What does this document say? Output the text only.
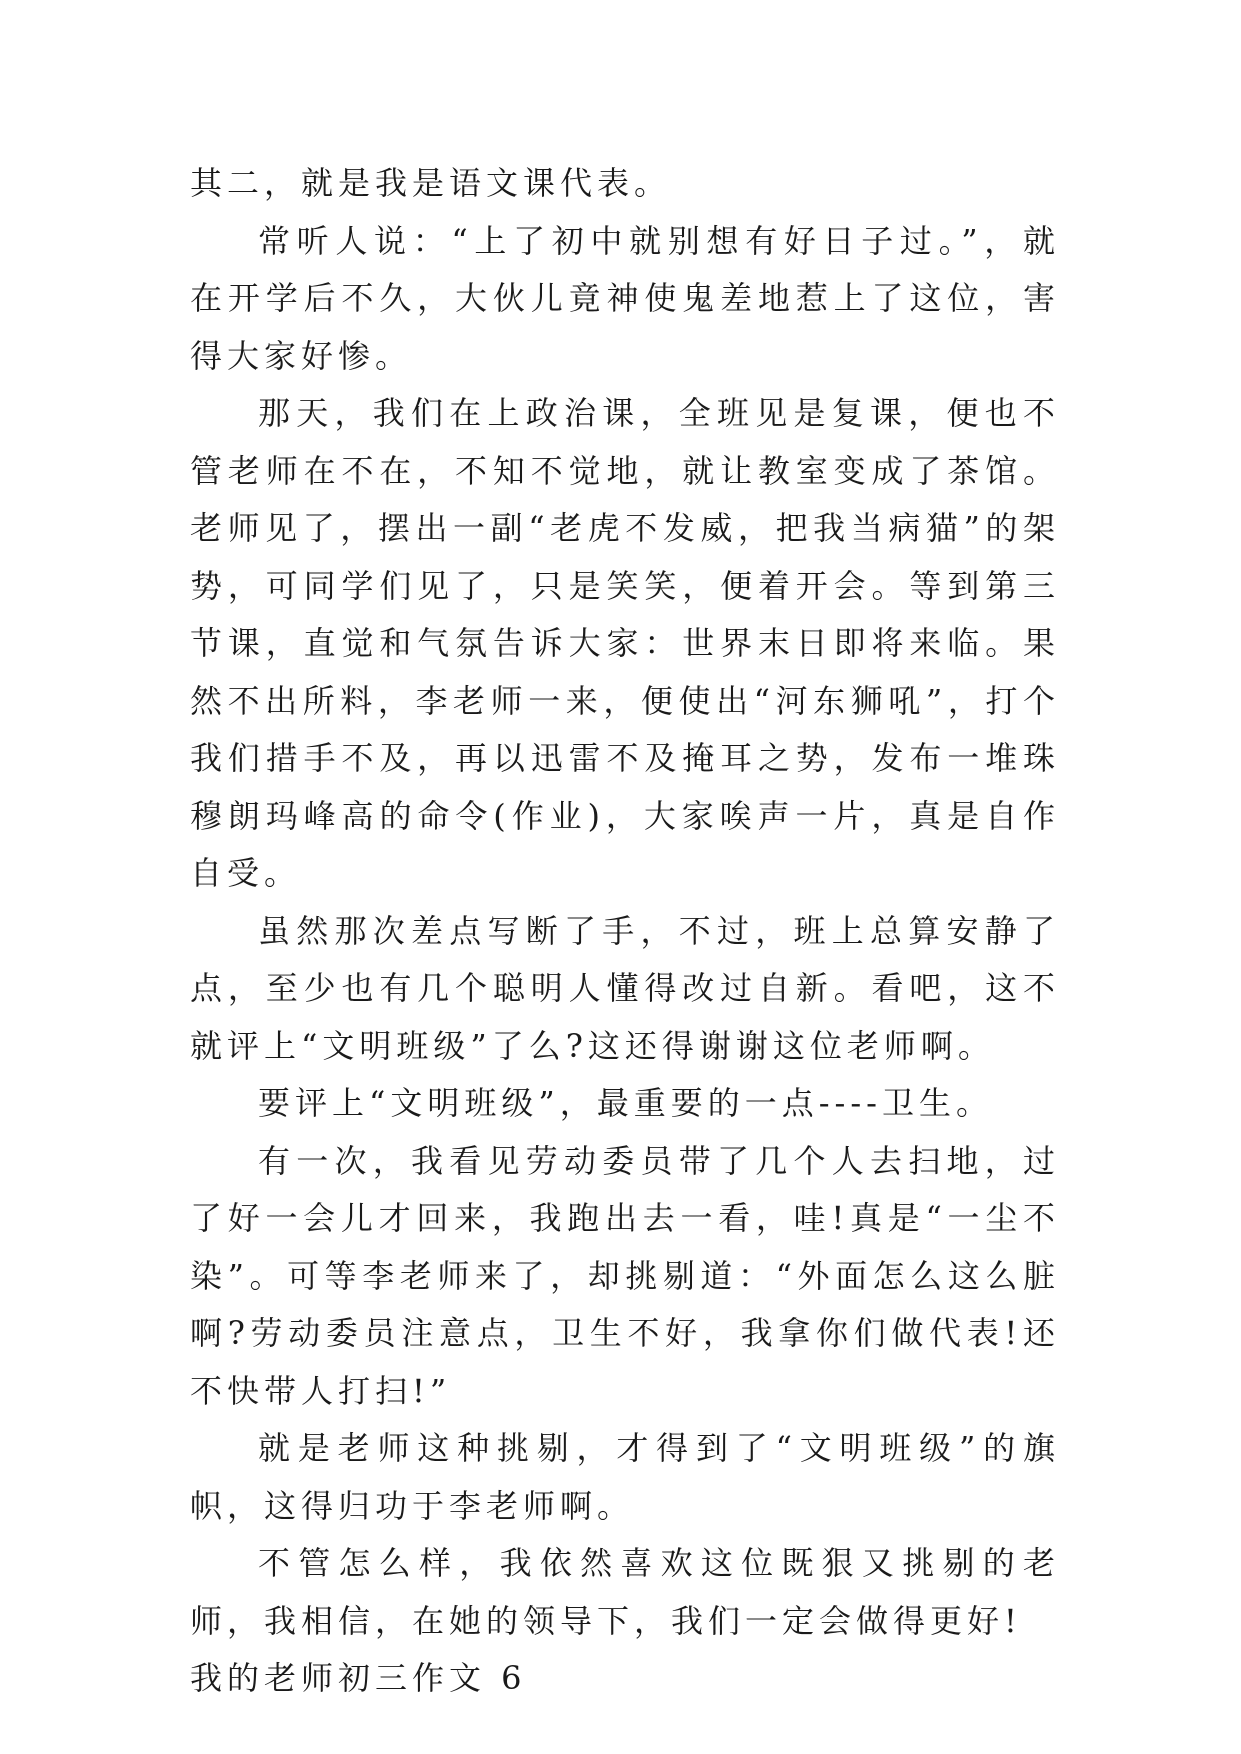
其二，就是我是语文课代表。

常听人说：“上了初中就别想有好日子过。”，就在开学后不久，大伙儿竟神使鬼差地惹上了这位，害得大家好惨。

那天，我们在上政治课，全班见是复课，便也不管老师在不在，不知不觉地，就让教室变成了茶馆。老师见了，摆出一副“老虎不发威，把我当病猫”的架势，可同学们见了，只是笑笑，便着开会。等到第三节课，直觉和气氛告诉大家：世界末日即将来临。果然不出所料，李老师一来，便使出“河东狮吼”，打个我们措手不及，再以迅雷不及掩耳之势，发布一堆珠穆朗玛峰高的命令(作业)，大家唉声一片，真是自作自受。

虽然那次差点写断了手，不过，班上总算安静了点，至少也有几个聪明人懂得改过自新。看吧，这不就评上“文明班级”了么?这还得谢谢这位老师啊。

要评上“文明班级”，最重要的一点----卫生。

有一次，我看见劳动委员带了几个人去扫地，过了好一会儿才回来，我跑出去一看，哇!真是“一尘不染”。可等李老师来了，却挑剔道：“外面怎么这么脏啊?劳动委员注意点，卫生不好，我拿你们做代表!还不快带人打扫!”

就是老师这种挑剔，才得到了“文明班级”的旗帜，这得归功于李老师啊。

不管怎么样，我依然喜欢这位既狠又挑剔的老师，我相信，在她的领导下，我们一定会做得更好!

我的老师初三作文 6
